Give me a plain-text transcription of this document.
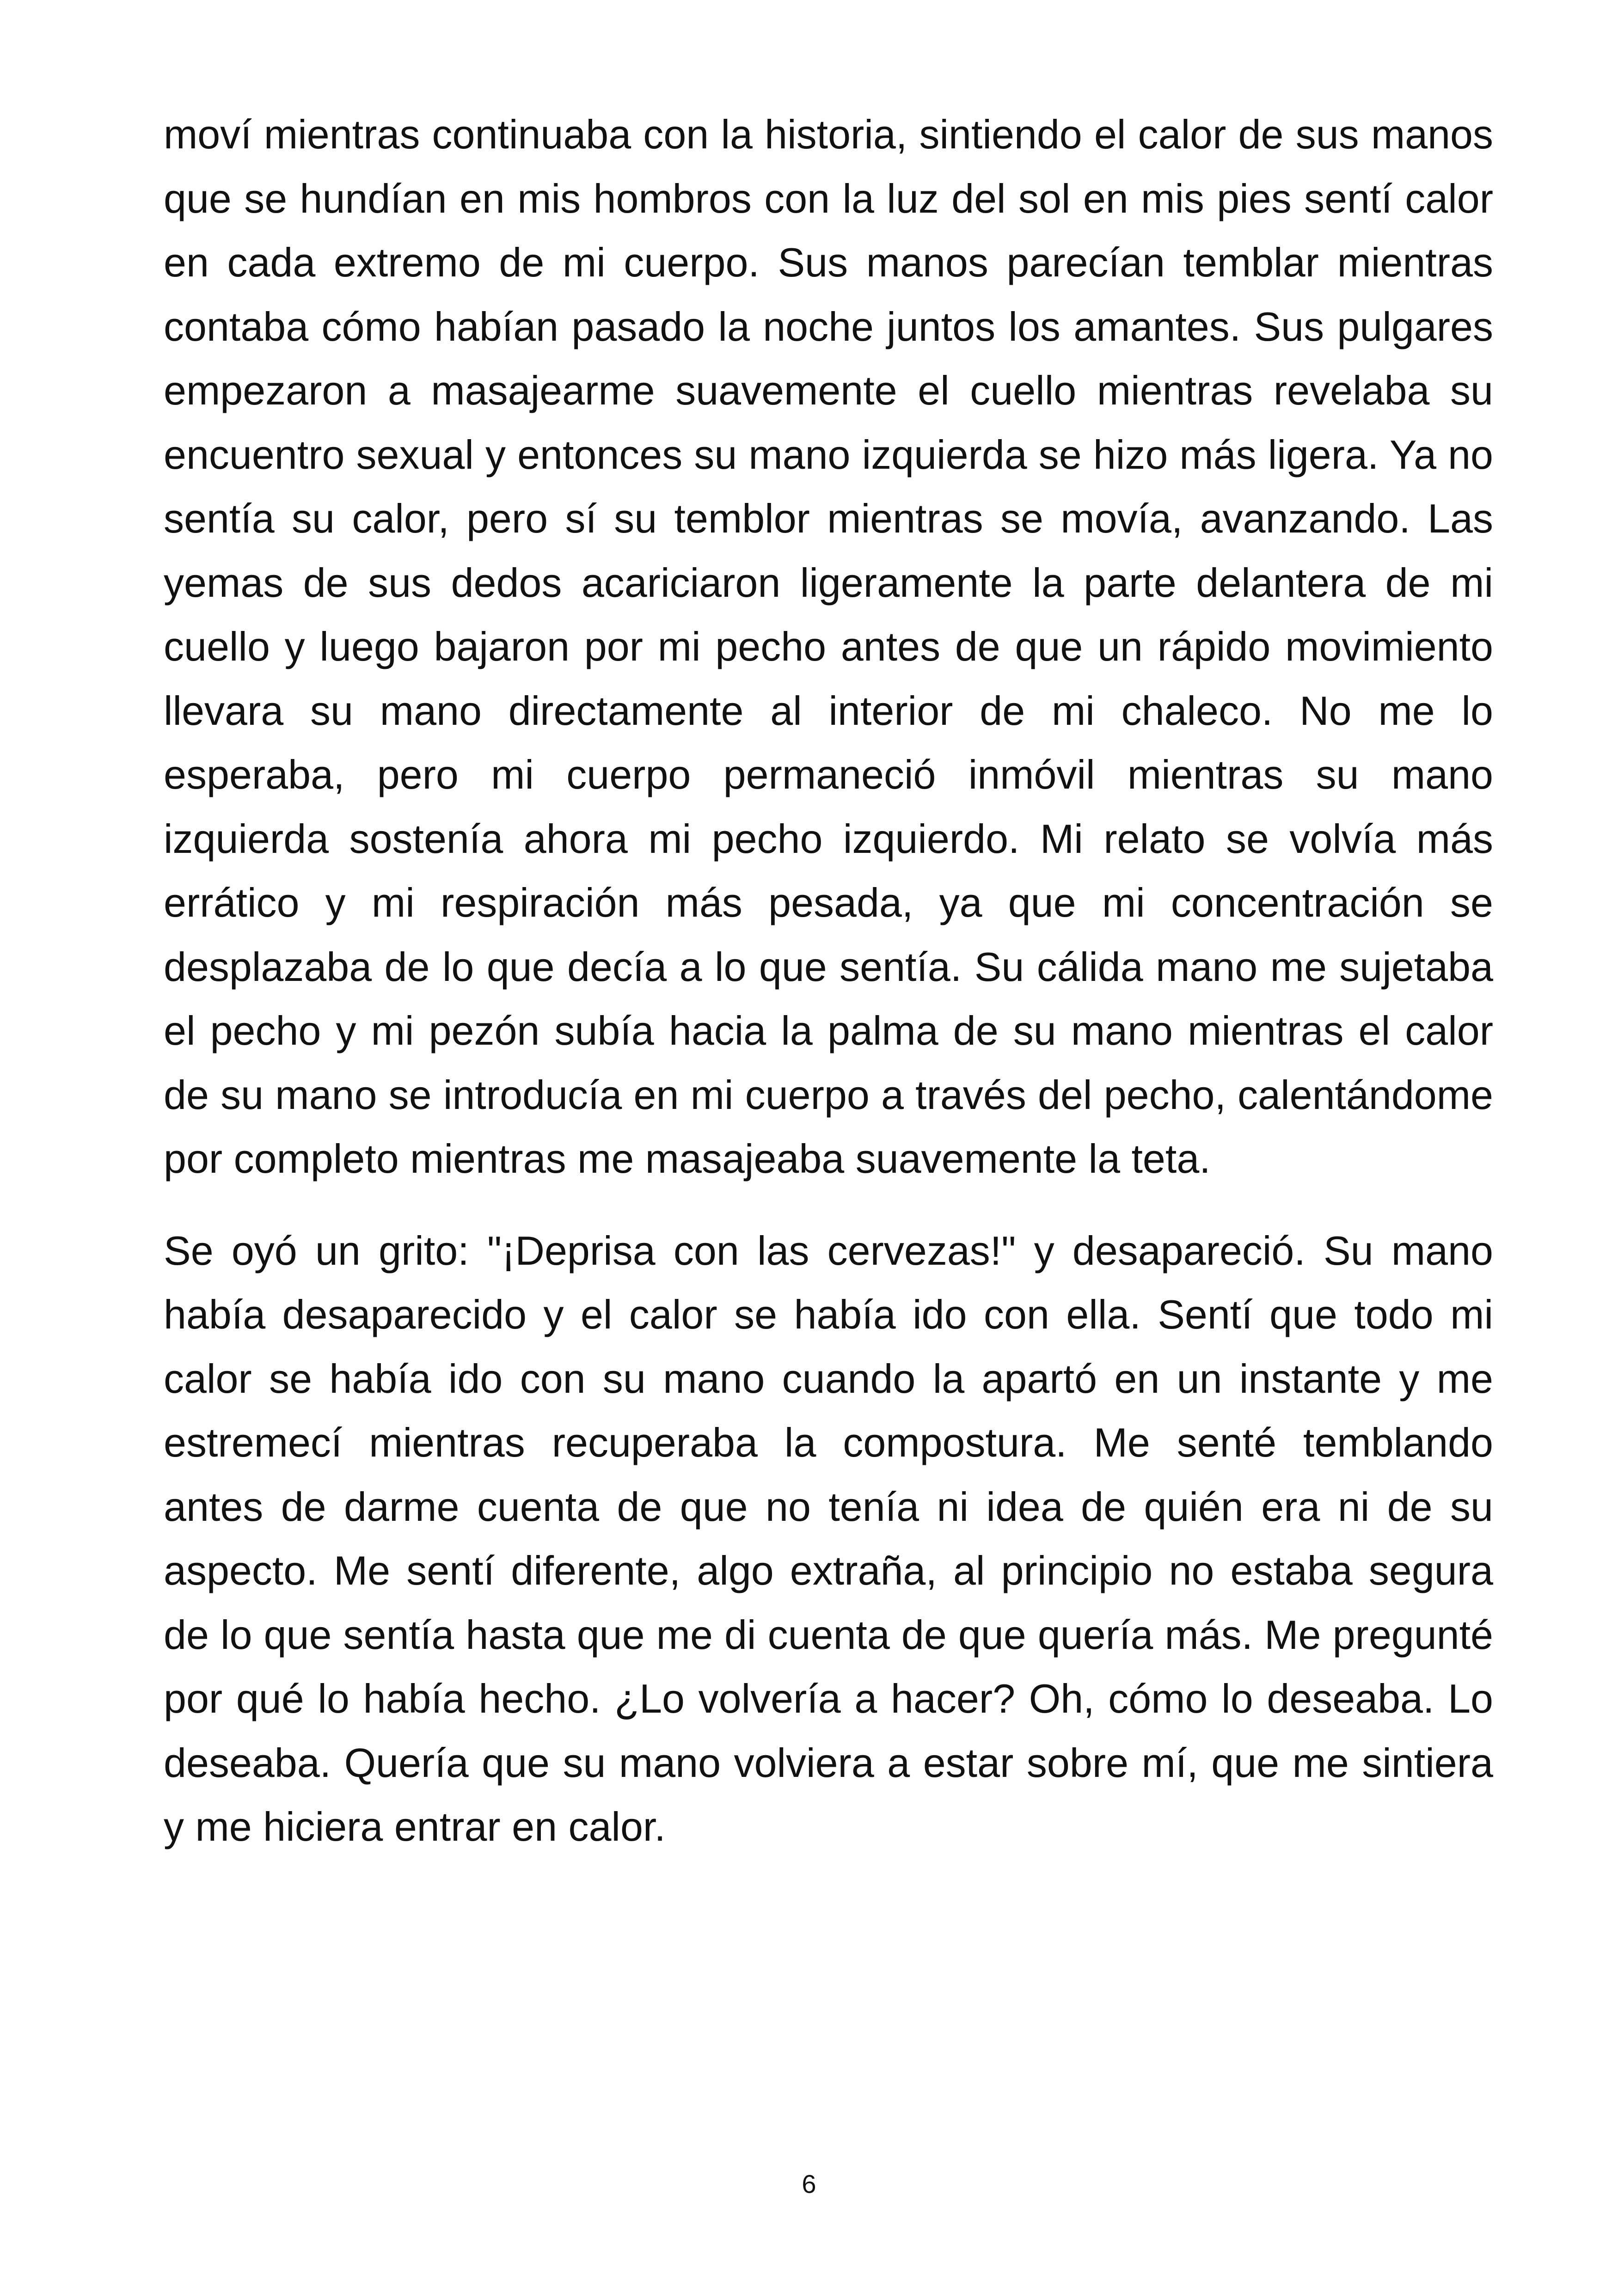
moví mientras continuaba con la historia, sintiendo el calor de sus manos que se hundían en mis hombros con la luz del sol en mis pies sentí calor en cada extremo de mi cuerpo. Sus manos parecían temblar mientras contaba cómo habían pasado la noche juntos los amantes. Sus pulgares empezaron a masajearme suavemente el cuello mientras revelaba su encuentro sexual y entonces su mano izquierda se hizo más ligera. Ya no sentía su calor, pero sí su temblor mientras se movía, avanzando. Las yemas de sus dedos acariciaron ligeramente la parte delantera de mi cuello y luego bajaron por mi pecho antes de que un rápido movimiento llevara su mano directamente al interior de mi chaleco. No me lo esperaba, pero mi cuerpo permaneció inmóvil mientras su mano izquierda sostenía ahora mi pecho izquierdo. Mi relato se volvía más errático y mi respiración más pesada, ya que mi concentración se desplazaba de lo que decía a lo que sentía. Su cálida mano me sujetaba el pecho y mi pezón subía hacia la palma de su mano mientras el calor de su mano se introducía en mi cuerpo a través del pecho, calentándome por completo mientras me masajeaba suavemente la teta.

Se oyó un grito: "¡Deprisa con las cervezas!" y desapareció. Su mano había desaparecido y el calor se había ido con ella. Sentí que todo mi calor se había ido con su mano cuando la apartó en un instante y me estremecí mientras recuperaba la compostura. Me senté temblando antes de darme cuenta de que no tenía ni idea de quién era ni de su aspecto. Me sentí diferente, algo extraña, al principio no estaba segura de lo que sentía hasta que me di cuenta de que quería más. Me pregunté por qué lo había hecho. ¿Lo volvería a hacer? Oh, cómo lo deseaba. Lo deseaba. Quería que su mano volviera a estar sobre mí, que me sintiera y me hiciera entrar en calor.

6
